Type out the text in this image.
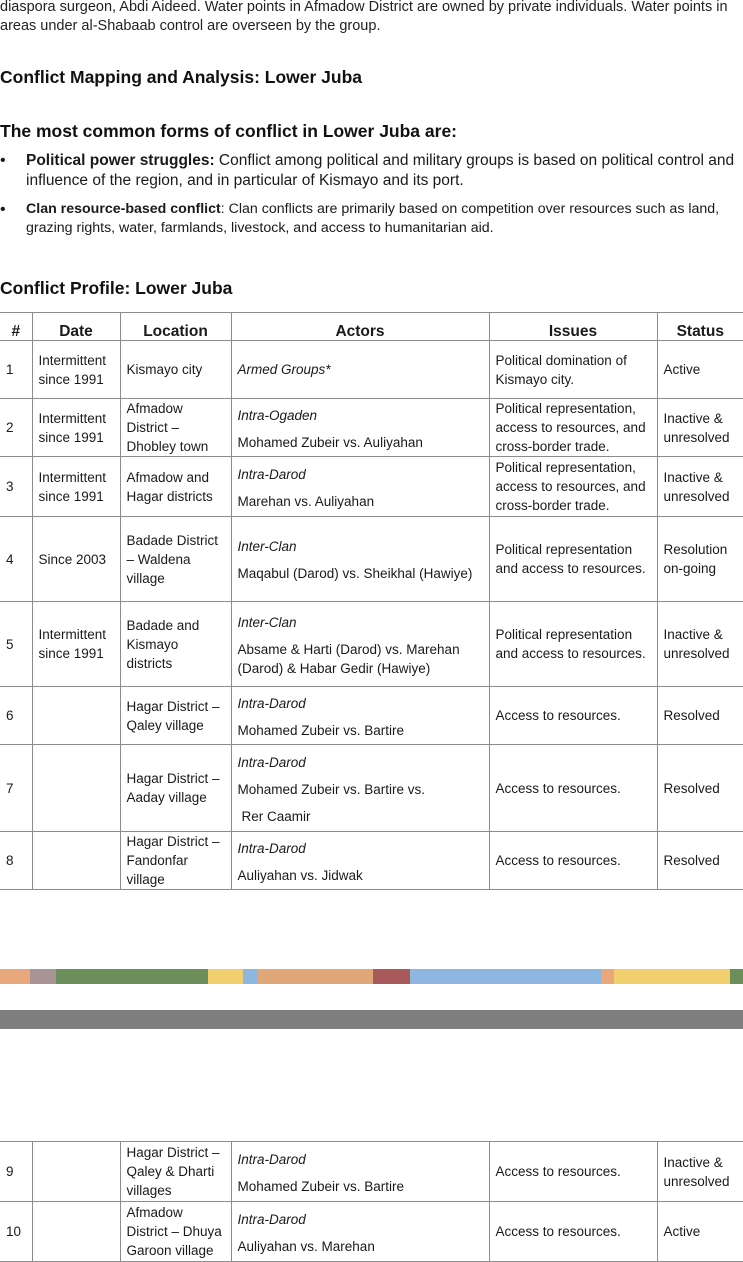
diaspora surgeon, Abdi Aideed. Water points in Afmadow District are owned by private individuals. Water points in areas under al-Shabaab control are overseen by the group.
Conflict Mapping and Analysis: Lower Juba
The most common forms of conflict in Lower Juba are:
• Political power struggles: Conflict among political and military groups is based on political control and influence of the region, and in particular of Kismayo and its port.
• Clan resource-based conflict: Clan conflicts are primarily based on competition over resources such as land, grazing rights, water, farmlands, livestock, and access to humanitarian aid.
Conflict Profile: Lower Juba
#	Date	Location	Actors	Issues	Status
1	Intermittent since 1991	Kismayo city	Armed Groups*	Political domination of Kismayo city.	Active
2	Intermittent since 1991	Afmadow District – Dhobley town	Intra-Ogaden
Mohamed Zubeir vs. Auliyahan	Political representation, access to resources, and cross-border trade.	Inactive & unresolved
3	Intermittent since 1991	Afmadow and Hagar districts	Intra-Darod
Marehan vs. Auliyahan	Political representation, access to resources, and cross-border trade.	Inactive & unresolved
4	Since 2003	Badade District – Waldena village	Inter-Clan
Maqabul (Darod) vs. Sheikhal (Hawiye)	Political representation and access to resources.	Resolution on-going
5	Intermittent since 1991	Badade and Kismayo districts	Inter-Clan
Absame & Harti (Darod) vs. Marehan (Darod) & Habar Gedir (Hawiye)	Political representation and access to resources.	Inactive & unresolved
6		Hagar District – Qaley village	Intra-Darod
Mohamed Zubeir vs. Bartire	Access to resources.	Resolved
7		Hagar District – Aaday village	Intra-Darod
Mohamed Zubeir vs. Bartire vs.
Rer Caamir	Access to resources.	Resolved
8		Hagar District – Fandonfar village	Intra-Darod
Auliyahan vs. Jidwak	Access to resources.	Resolved
9		Hagar District – Qaley & Dharti villages	Intra-Darod
Mohamed Zubeir vs. Bartire	Access to resources.	Inactive & unresolved
10		Afmadow District – Dhuya Garoon village	Intra-Darod
Auliyahan vs. Marehan	Access to resources.	Active
